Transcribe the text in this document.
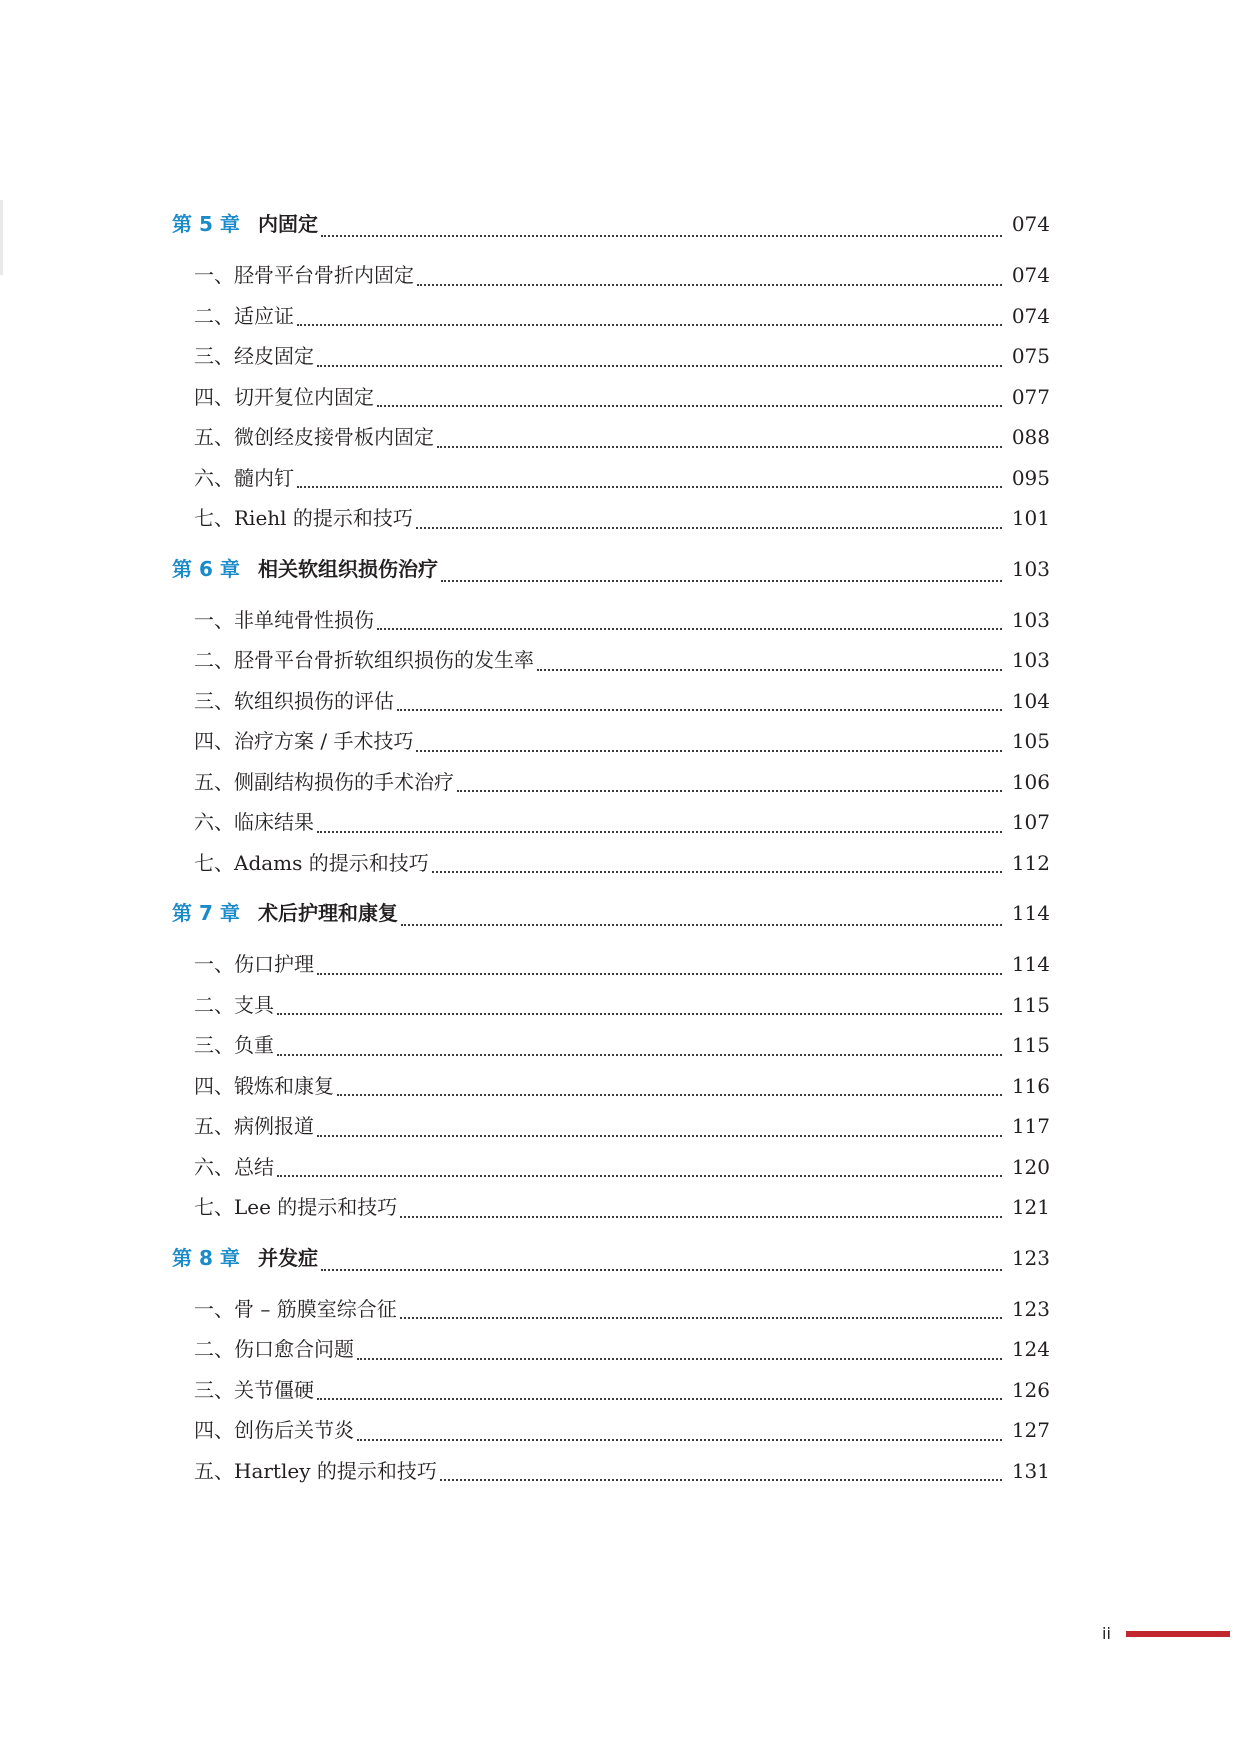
第 5 章 内固定	074
一、胫骨平台骨折内固定	074
二、适应证	074
三、经皮固定	075
四、切开复位内固定	077
五、微创经皮接骨板内固定	088
六、髓内钉	095
七、Riehl 的提示和技巧	101
第 6 章 相关软组织损伤治疗	103
一、非单纯骨性损伤	103
二、胫骨平台骨折软组织损伤的发生率	103
三、软组织损伤的评估	104
四、治疗方案 / 手术技巧	105
五、侧副结构损伤的手术治疗	106
六、临床结果	107
七、Adams 的提示和技巧	112
第 7 章 术后护理和康复	114
一、伤口护理	114
二、支具	115
三、负重	115
四、锻炼和康复	116
五、病例报道	117
六、总结	120
七、Lee 的提示和技巧	121
第 8 章 并发症	123
一、骨 – 筋膜室综合征	123
二、伤口愈合问题	124
三、关节僵硬	126
四、创伤后关节炎	127
五、Hartley 的提示和技巧	131
ii
